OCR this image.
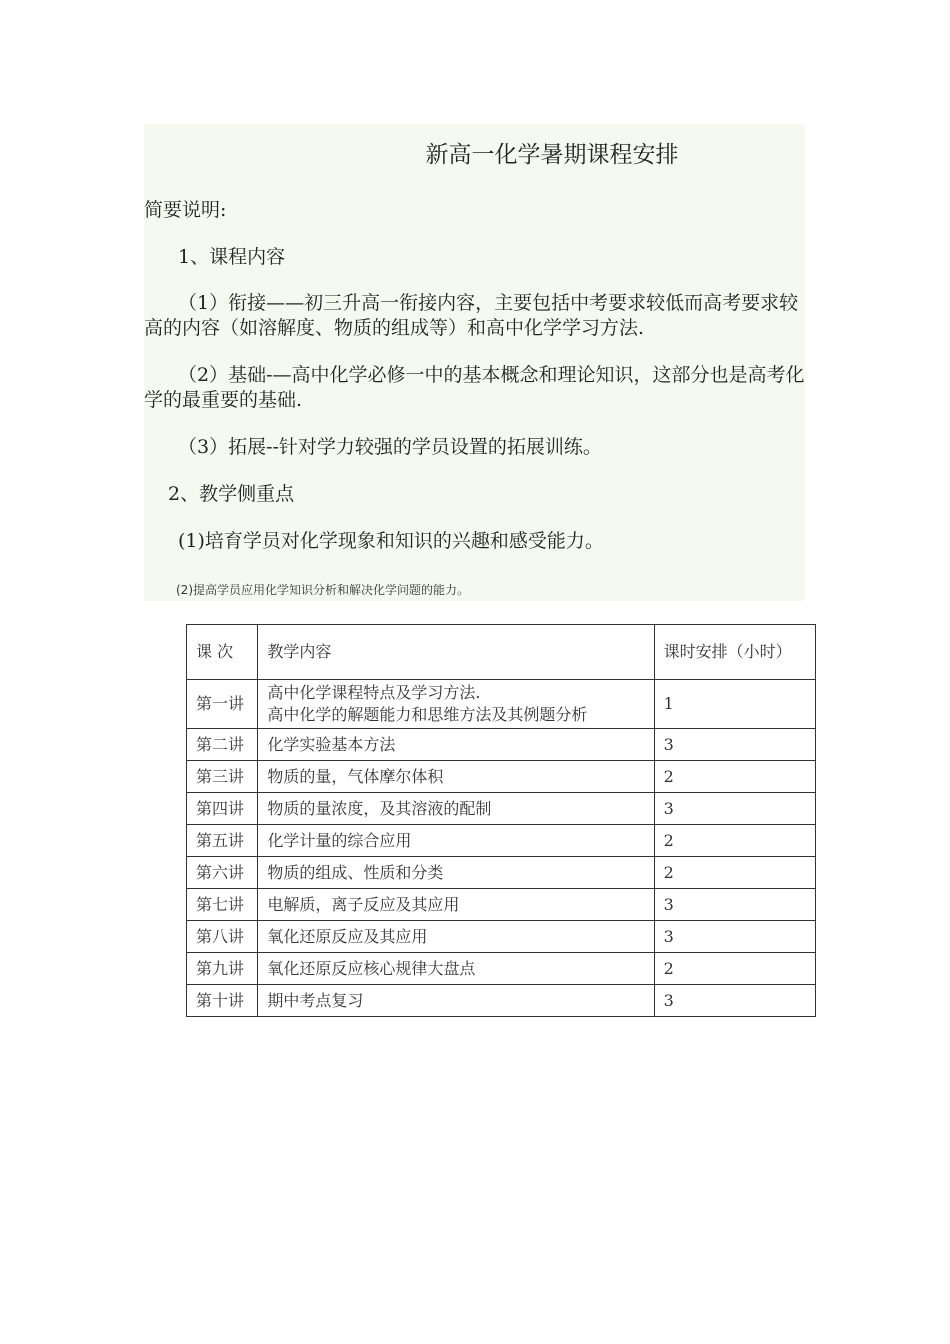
新高一化学暑期课程安排
简要说明:
1、课程内容
（1）衔接——初三升高一衔接内容，主要包括中考要求较低而高考要求较高的内容（如溶解度、物质的组成等）和高中化学学习方法.
（2）基础-—高中化学必修一中的基本概念和理论知识，这部分也是高考化学的最重要的基础.
（3）拓展--针对学力较强的学员设置的拓展训练。
2、教学侧重点
(1)培育学员对化学现象和知识的兴趣和感受能力。
(2)提高学员应用化学知识分析和解决化学问题的能力。
课 次	教学内容	课时安排（小时）
第一讲	高中化学课程特点及学习方法.
高中化学的解题能力和思维方法及其例题分析	1
第二讲	化学实验基本方法	3
第三讲	物质的量，气体摩尔体积	2
第四讲	物质的量浓度，及其溶液的配制	3
第五讲	化学计量的综合应用	2
第六讲	物质的组成、性质和分类	2
第七讲	电解质，离子反应及其应用	3
第八讲	氧化还原反应及其应用	3
第九讲	氧化还原反应核心规律大盘点	2
第十讲	期中考点复习	3
